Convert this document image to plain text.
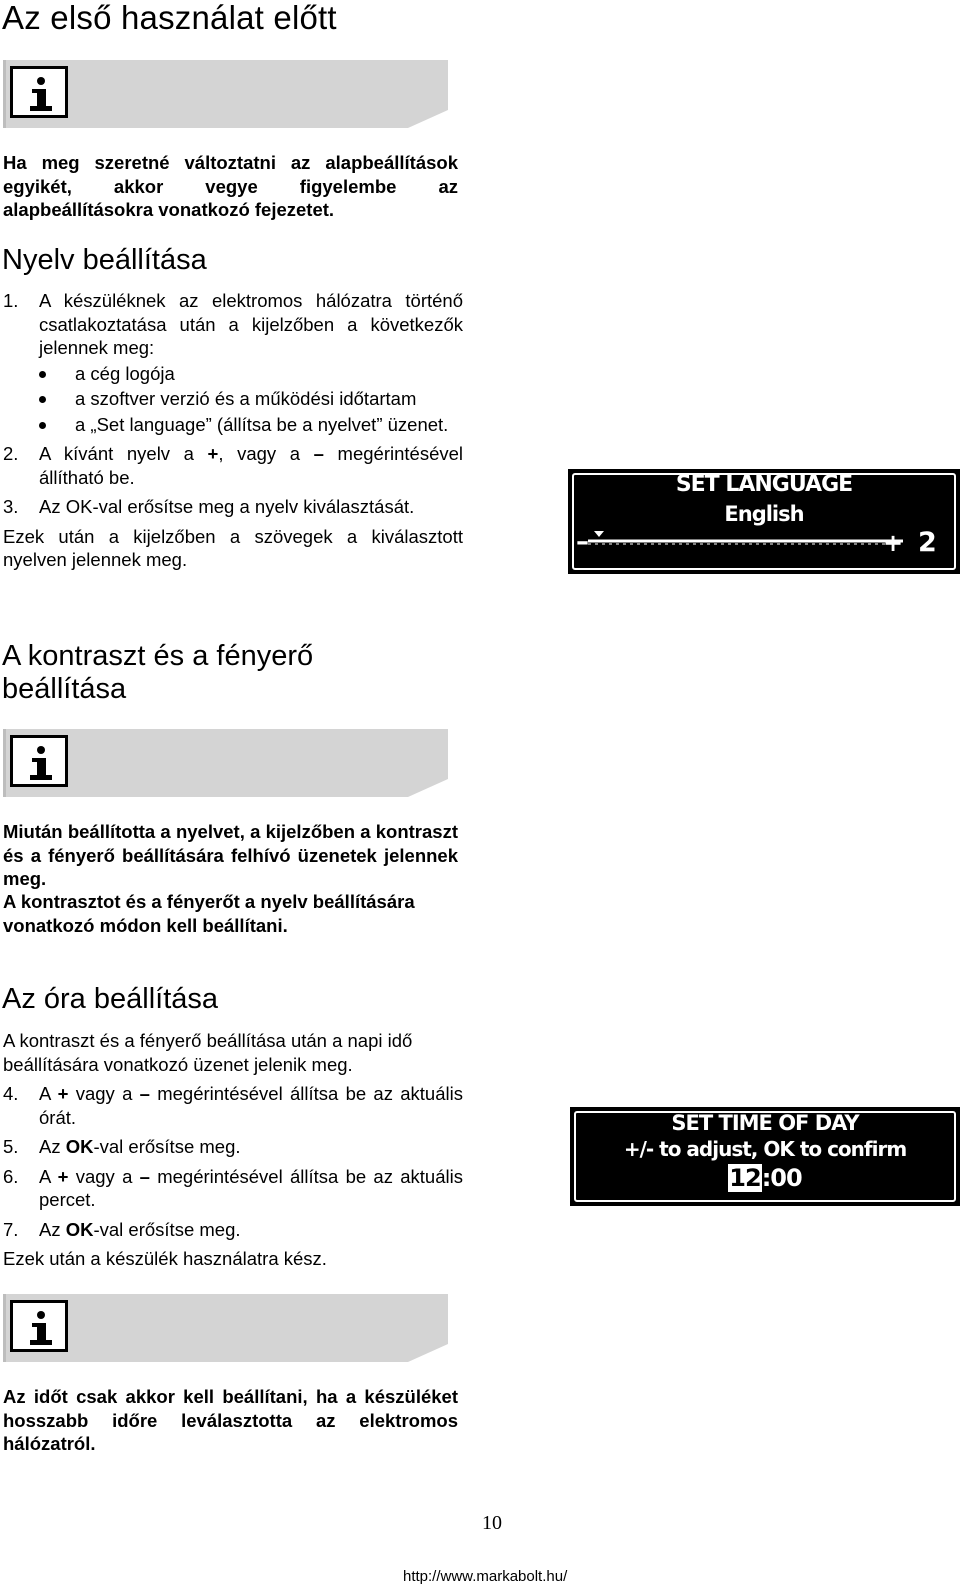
Az első használat előtt

Ha meg szeretné változtatni az alapbeállítások egyikét, akkor vegye figyelembe az alapbeállításokra vonatkozó fejezetet.

Nyelv beállítása
1. A készüléknek az elektromos hálózatra történő csatlakoztatása után a kijelzőben a következők jelennek meg:
a cég logója
a szoftver verzió és a működési időtartam
a „Set language” (állítsa be a nyelvet” üzenet.
2. A kívánt nyelv a +, vagy a – megérintésével állítható be.
3. Az OK-val erősítse meg a nyelv kiválasztását.

Ezek után a kijelzőben a szövegek a kiválasztott nyelven jelennek meg.

SET LANGUAGE
English
–	+ 2
A kontraszt és a fényerő
beállítása

Miután beállította a nyelvet, a kijelzőben a kontraszt és a fényerő beállítására felhívó üzenetek jelennek meg.

A kontrasztot és a fényerőt a nyelv beállítására vonatkozó módon kell beállítani.

Az óra beállítása

A kontraszt és a fényerő beállítása után a napi idő beállítására vonatkozó üzenet jelenik meg.

4. A + vagy a – megérintésével állítsa be az aktuális órát.
5. Az OK-val erősítse meg.
6. A + vagy a – megérintésével állítsa be az aktuális percet.
7. Az OK-val erősítse meg.

Ezek után a készülék használatra kész.

SET TIME OF DAY
+/- to adjust, OK to confirm
12:00

Az időt csak akkor kell beállítani, ha a készüléket hosszabb időre leválasztotta az elektromos hálózatról.

10
http://www.markabolt.hu/
